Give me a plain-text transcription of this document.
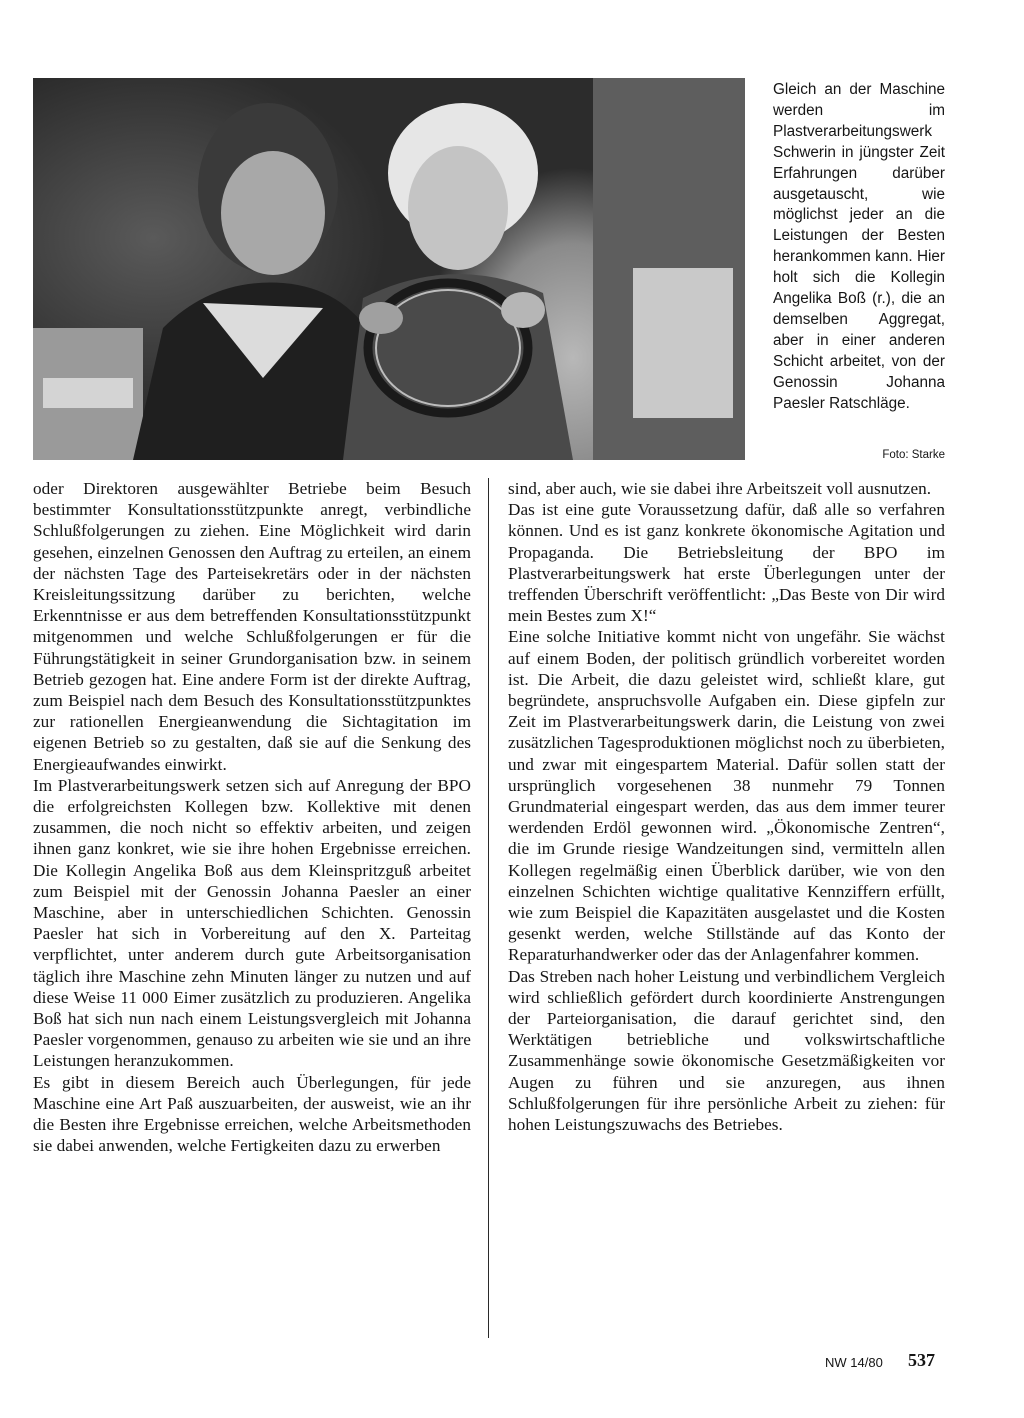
Gleich an der Maschine werden im Plastverarbeitungswerk Schwerin in jüngster Zeit Erfahrungen darüber ausgetauscht, wie möglichst jeder an die Leistungen der Besten herankommen kann. Hier holt sich die Kollegin Angelika Boß (r.), die an demselben Aggregat, aber in einer anderen Schicht arbeitet, von der Genossin Johanna Paesler Ratschläge.
Foto: Starke

oder Direktoren ausgewählter Betriebe beim Besuch bestimmter Konsultationsstützpunkte anregt, verbindliche Schlußfolgerungen zu ziehen. Eine Möglichkeit wird darin gesehen, einzelnen Genossen den Auftrag zu erteilen, an einem der nächsten Tage des Parteisekretärs oder in der nächsten Kreisleitungssitzung darüber zu berichten, welche Erkenntnisse er aus dem betreffenden Konsultationsstützpunkt mitgenommen und welche Schlußfolgerungen er für die Führungstätigkeit in seiner Grundorganisation bzw. in seinem Betrieb gezogen hat. Eine andere Form ist der direkte Auftrag, zum Beispiel nach dem Besuch des Konsultationsstützpunktes zur rationellen Energieanwendung die Sichtagitation im eigenen Betrieb so zu gestalten, daß sie auf die Senkung des Energieaufwandes einwirkt.

Im Plastverarbeitungswerk setzen sich auf Anregung der BPO die erfolgreichsten Kollegen bzw. Kollektive mit denen zusammen, die noch nicht so effektiv arbeiten, und zeigen ihnen ganz konkret, wie sie ihre hohen Ergebnisse erreichen. Die Kollegin Angelika Boß aus dem Kleinspritzguß arbeitet zum Beispiel mit der Genossin Johanna Paesler an einer Maschine, aber in unterschiedlichen Schichten. Genossin Paesler hat sich in Vorbereitung auf den X. Parteitag verpflichtet, unter anderem durch gute Arbeitsorganisation täglich ihre Maschine zehn Minuten länger zu nutzen und auf diese Weise 11 000 Eimer zusätzlich zu produzieren. Angelika Boß hat sich nun nach einem Leistungsvergleich mit Johanna Paesler vorgenommen, genauso zu arbeiten wie sie und an ihre Leistungen heranzukommen.

Es gibt in diesem Bereich auch Überlegungen, für jede Maschine eine Art Paß auszuarbeiten, der ausweist, wie an ihr die Besten ihre Ergebnisse erreichen, welche Arbeitsmethoden sie dabei anwenden, welche Fertigkeiten dazu zu erwerben

sind, aber auch, wie sie dabei ihre Arbeitszeit voll ausnutzen.

Das ist eine gute Voraussetzung dafür, daß alle so verfahren können. Und es ist ganz konkrete ökonomische Agitation und Propaganda. Die Betriebsleitung der BPO im Plastverarbeitungswerk hat erste Überlegungen unter der treffenden Überschrift veröffentlicht: „Das Beste von Dir wird mein Bestes zum X!“

Eine solche Initiative kommt nicht von ungefähr. Sie wächst auf einem Boden, der politisch gründlich vorbereitet worden ist. Die Arbeit, die dazu geleistet wird, schließt klare, gut begründete, anspruchsvolle Aufgaben ein. Diese gipfeln zur Zeit im Plastverarbeitungswerk darin, die Leistung von zwei zusätzlichen Tagesproduktionen möglichst noch zu überbieten, und zwar mit eingespartem Material. Dafür sollen statt der ursprünglich vorgesehenen 38 nunmehr 79 Tonnen Grundmaterial eingespart werden, das aus dem immer teurer werdenden Erdöl gewonnen wird. „Ökonomische Zentren“, die im Grunde riesige Wandzeitungen sind, vermitteln allen Kollegen regelmäßig einen Überblick darüber, wie von den einzelnen Schichten wichtige qualitative Kennziffern erfüllt, wie zum Beispiel die Kapazitäten ausgelastet und die Kosten gesenkt werden, welche Stillstände auf das Konto der Reparaturhandwerker oder das der Anlagenfahrer kommen.

Das Streben nach hoher Leistung und verbindlichem Vergleich wird schließlich gefördert durch koordinierte Anstrengungen der Parteiorganisation, die darauf gerichtet sind, den Werktätigen betriebliche und volkswirtschaftliche Zusammenhänge sowie ökonomische Gesetzmäßigkeiten vor Augen zu führen und sie anzuregen, aus ihnen Schlußfolgerungen für ihre persönliche Arbeit zu ziehen: für hohen Leistungszuwachs des Betriebes.

NW 14/80 537
